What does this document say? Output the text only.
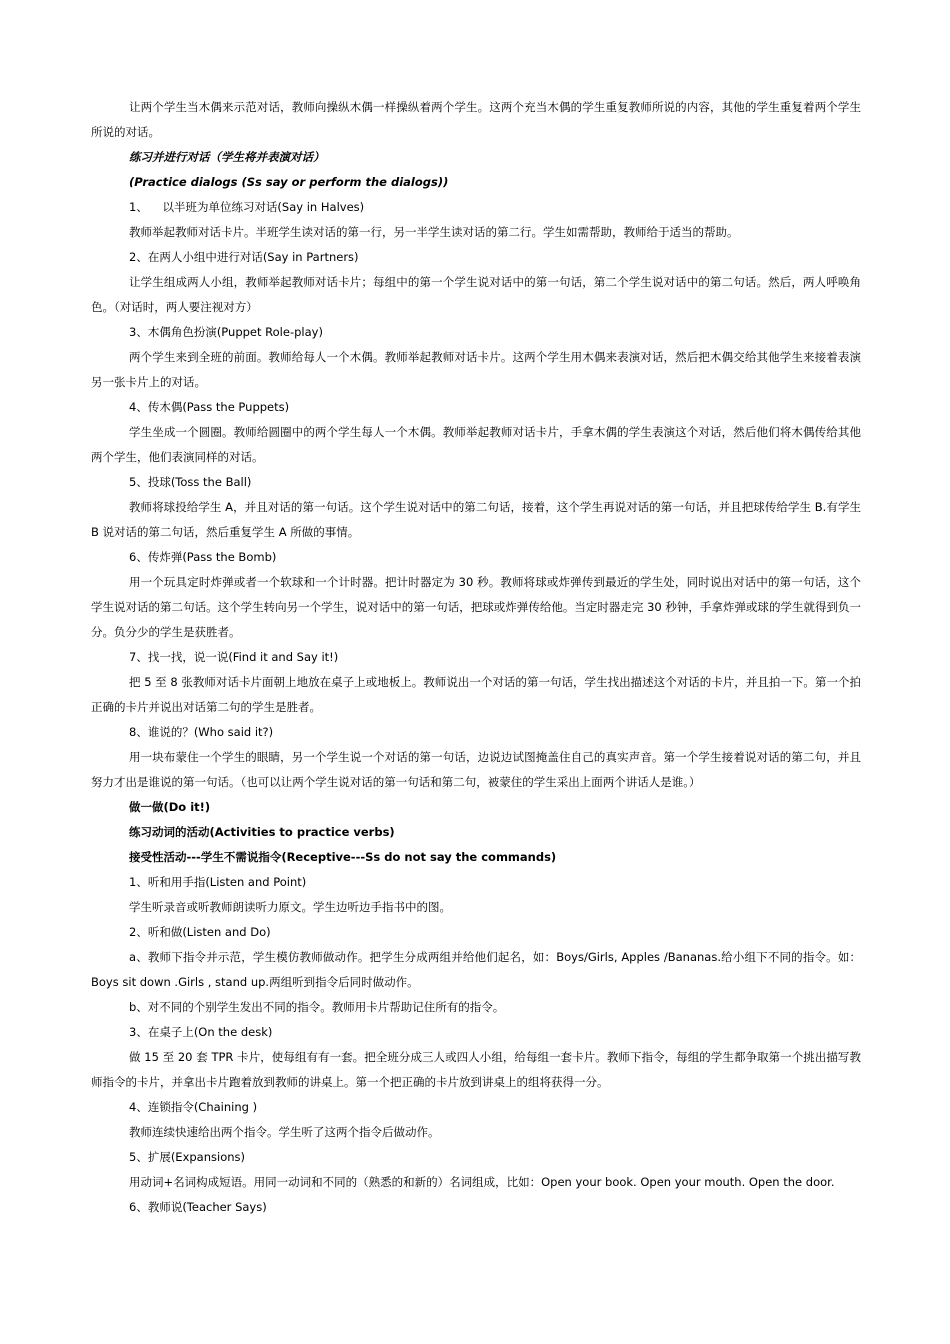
让两个学生当木偶来示范对话，教师向操纵木偶一样操纵着两个学生。这两个充当木偶的学生重复教师所说的内容，其他的学生重复着两个学生所说的对话。

练习并进行对话（学生将并表演对话）

(Practice dialogs (Ss say or perform the dialogs))

1、    以半班为单位练习对话(Say in Halves)

教师举起教师对话卡片。半班学生读对话的第一行，另一半学生读对话的第二行。学生如需帮助，教师给于适当的帮助。

2、在两人小组中进行对话(Say in Partners)

让学生组成两人小组，教师举起教师对话卡片；每组中的第一个学生说对话中的第一句话，第二个学生说对话中的第二句话。然后，两人呼唤角色。（对话时，两人要注视对方）

3、木偶角色扮演(Puppet Role-play)

两个学生来到全班的前面。教师给每人一个木偶。教师举起教师对话卡片。这两个学生用木偶来表演对话，然后把木偶交给其他学生来接着表演另一张卡片上的对话。

4、传木偶(Pass the Puppets)

学生坐成一个圆圈。教师给圆圈中的两个学生每人一个木偶。教师举起教师对话卡片，手拿木偶的学生表演这个对话，然后他们将木偶传给其他两个学生，他们表演同样的对话。

5、投球(Toss the Ball)

教师将球投给学生 A，并且对话的第一句话。这个学生说对话中的第二句话，接着，这个学生再说对话的第一句话，并且把球传给学生 B.有学生 B 说对话的第二句话，然后重复学生 A 所做的事情。

6、传炸弹(Pass the Bomb)

用一个玩具定时炸弹或者一个软球和一个计时器。把计时器定为 30 秒。教师将球或炸弹传到最近的学生处，同时说出对话中的第一句话，这个学生说对话的第二句话。这个学生转向另一个学生，说对话中的第一句话，把球或炸弹传给他。当定时器走完 30 秒钟，手拿炸弹或球的学生就得到负一分。负分少的学生是获胜者。

7、找一找，说一说(Find it and Say it!)

把 5 至 8 张教师对话卡片面朝上地放在桌子上或地板上。教师说出一个对话的第一句话，学生找出描述这个对话的卡片，并且拍一下。第一个拍正确的卡片并说出对话第二句的学生是胜者。

8、谁说的？(Who said it?)

用一块布蒙住一个学生的眼睛，另一个学生说一个对话的第一句话，边说边试图掩盖住自己的真实声音。第一个学生接着说对话的第二句，并且努力才出是谁说的第一句话。（也可以让两个学生说对话的第一句话和第二句，被蒙住的学生采出上面两个讲话人是谁。）

做一做(Do it!)

练习动词的活动(Activities to practice verbs)

接受性活动---学生不需说指令(Receptive---Ss do not say the commands)

1、听和用手指(Listen and Point)

学生听录音或听教师朗读听力原文。学生边听边手指书中的图。

2、听和做(Listen and Do)

a、教师下指令并示范，学生模仿教师做动作。把学生分成两组并给他们起名，如：Boys/Girls, Apples /Bananas.给小组下不同的指令。如：Boys sit down .Girls , stand up.两组听到指令后同时做动作。

b、对不同的个别学生发出不同的指令。教师用卡片帮助记住所有的指令。

3、在桌子上(On the desk)

做 15 至 20 套 TPR 卡片，使每组有有一套。把全班分成三人或四人小组，给每组一套卡片。教师下指令，每组的学生都争取第一个挑出描写教师指令的卡片，并拿出卡片跑着放到教师的讲桌上。第一个把正确的卡片放到讲桌上的组将获得一分。

4、连锁指令(Chaining )

教师连续快速给出两个指令。学生听了这两个指令后做动作。

5、扩展(Expansions)

用动词+名词构成短语。用同一动词和不同的（熟悉的和新的）名词组成，比如：Open your book. Open your mouth. Open the door.

6、教师说(Teacher Says)
